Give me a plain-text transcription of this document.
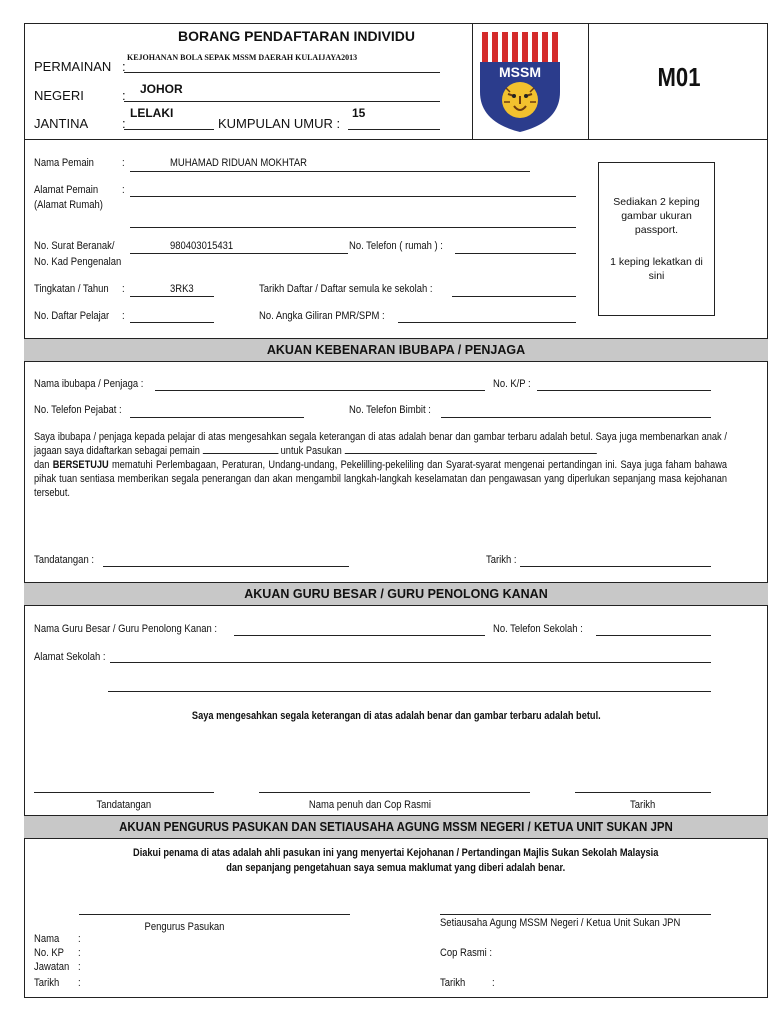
BORANG PENDAFTARAN INDIVIDU
PERMAINAN :
KEJOHANAN BOLA SEPAK MSSM DAERAH KULAIJAYA2013
NEGERI	: JOHOR
JANTINA	:
LELAKI
KUMPULAN UMUR :
15
MSSM	M01
Nama Pemain	:	MUHAMAD RIDUAN MOKHTAR
Alamat Pemain
(Alamat Rumah)
:
No. Surat Beranak/
No. Kad Pengenalan
980403015431	No. Telefon ( rumah ) :
Tingkatan / Tahun :	3RK3	Tarikh Daftar / Daftar semula ke sekolah :
No. Daftar Pelajar :	No. Angka Giliran PMR/SPM :
Sediakan 2 keping gambar ukuran passport.
1 keping lekatkan di sini
AKUAN KEBENARAN IBUBAPA / PENJAGA
Nama ibubapa / Penjaga :	No. K/P :
No. Telefon Pejabat :	No. Telefon Bimbit :
Saya ibubapa / penjaga kepada pelajar di atas mengesahkan segala keterangan di atas adalah benar dan gambar terbaru adalah betul. Saya juga membenarkan anak / jagaan saya didaftarkan sebagai pemain	untuk Pasukan
dan BERSETUJU mematuhi Perlembagaan, Peraturan, Undang-undang, Pekelilling-pekeliling dan Syarat-syarat mengenai pertandingan ini. Saya juga faham bahawa pihak tuan sentiasa memberikan segala penerangan dan akan mengambil langkah-langkah keselamatan dan pengawasan yang diperlukan sepanjang masa kejohanan tersebut.
Tandatangan :	Tarikh :
AKUAN GURU BESAR / GURU PENOLONG KANAN
Nama Guru Besar / Guru Penolong Kanan :	No. Telefon Sekolah :
Alamat Sekolah :
Saya mengesahkan segala keterangan di atas adalah benar dan gambar terbaru adalah betul.
Tandatangan	Nama penuh dan Cop Rasmi	Tarikh
AKUAN PENGURUS PASUKAN DAN SETIAUSAHA AGUNG MSSM NEGERI / KETUA UNIT SUKAN JPN
Diakui penama di atas adalah ahli pasukan ini yang menyertai Kejohanan / Pertandingan Majlis Sukan Sekolah Malaysia
dan sepanjang pengetahuan saya semua maklumat yang diberi adalah benar.
Pengurus Pasukan	Setiausaha Agung MSSM Negeri / Ketua Unit Sukan JPN
Nama :
No. KP :
Jawatan :
Tarikh :
Cop Rasmi :
Tarikh :
